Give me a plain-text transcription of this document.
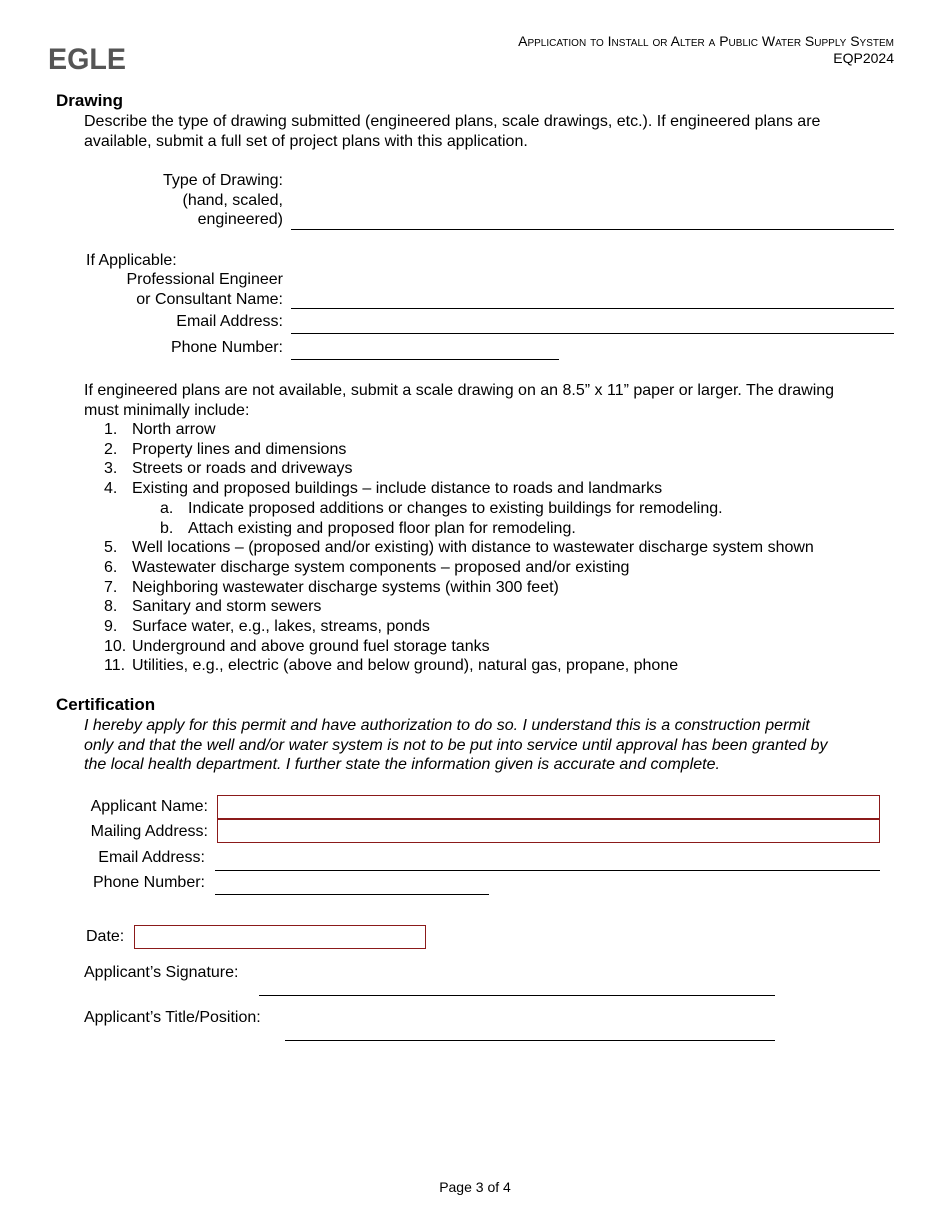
EGLE
Application to Install or Alter a Public Water Supply System
EQP2024
Drawing
Describe the type of drawing submitted (engineered plans, scale drawings, etc.). If engineered plans are
available, submit a full set of project plans with this application.
Type of Drawing:
(hand, scaled,
engineered)
If Applicable:
Professional Engineer
or Consultant Name:
Email Address:
Phone Number:
If engineered plans are not available, submit a scale drawing on an 8.5” x 11” paper or larger. The drawing
must minimally include:
1. North arrow
2. Property lines and dimensions
3. Streets or roads and driveways
4. Existing and proposed buildings – include distance to roads and landmarks
a. Indicate proposed additions or changes to existing buildings for remodeling.
b. Attach existing and proposed floor plan for remodeling.
5. Well locations – (proposed and/or existing) with distance to wastewater discharge system shown
6. Wastewater discharge system components – proposed and/or existing
7. Neighboring wastewater discharge systems (within 300 feet)
8. Sanitary and storm sewers
9. Surface water, e.g., lakes, streams, ponds
10. Underground and above ground fuel storage tanks
11. Utilities, e.g., electric (above and below ground), natural gas, propane, phone
Certification
I hereby apply for this permit and have authorization to do so. I understand this is a construction permit
only and that the well and/or water system is not to be put into service until approval has been granted by
the local health department. I further state the information given is accurate and complete.
Applicant Name:
Mailing Address:
Email Address:
Phone Number:
Date:
Applicant’s Signature:
Applicant’s Title/Position:
Page 3 of 4
